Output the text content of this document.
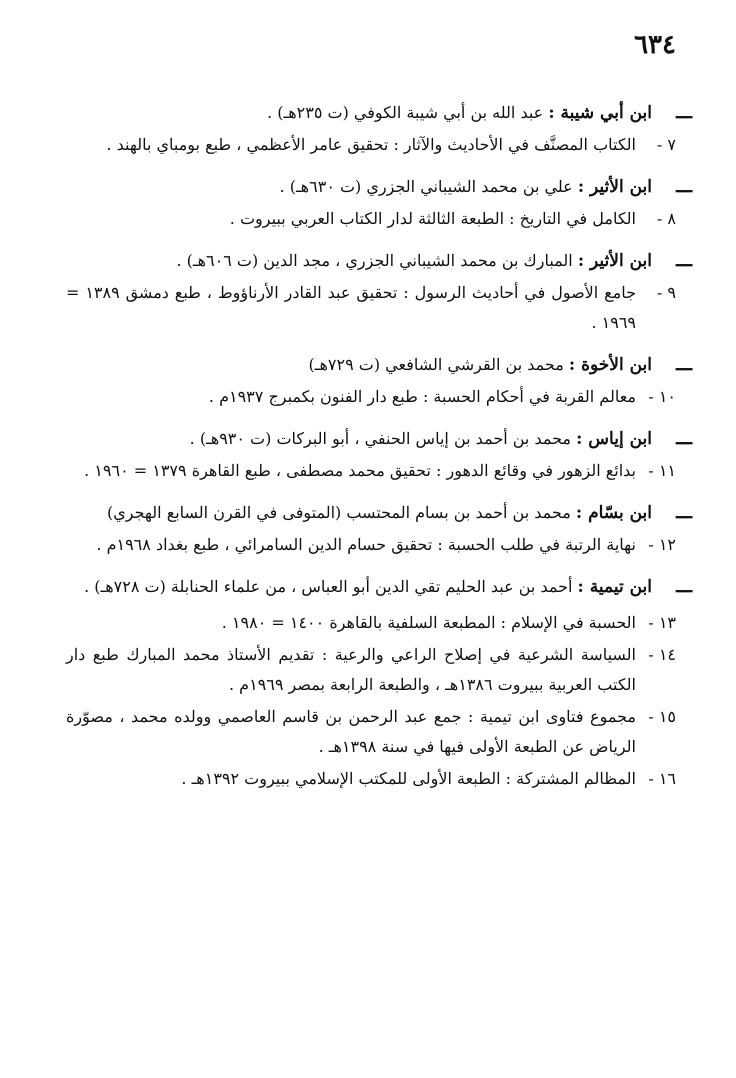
٦٣٤
ـــ
ابن أبي شيبة : عبد الله بن أبي شيبة الكوفي (ت ٢٣٥هـ) .
٧ -
الكتاب المصنَّف في الأحاديث والآثار : تحقيق عامر الأعظمي ، طبع بومباي بالهند .
ـــ
ابن الأثير : علي بن محمد الشيباني الجزري (ت ٦٣٠هـ) .
٨ -
الكامل في التاريخ : الطبعة الثالثة لدار الكتاب العربي ببيروت .
ـــ
ابن الأثير : المبارك بن محمد الشيباني الجزري ، مجد الدين (ت ٦٠٦هـ) .
٩ -
جامع الأصول في أحاديث الرسول : تحقيق عبد القادر الأرناؤوط ، طبع دمشق ١٣٨٩ = ١٩٦٩ .
ـــ
ابن الأخوة : محمد بن القرشي الشافعي (ت ٧٢٩هـ)
١٠ -
معالم القربة في أحكام الحسبة : طبع دار الفنون بكمبرج ١٩٣٧م .
ـــ
ابن إياس : محمد بن أحمد بن إياس الحنفي ، أبو البركات (ت ٩٣٠هـ) .
١١ -
بدائع الزهور في وقائع الدهور : تحقيق محمد مصطفى ، طبع القاهرة ١٣٧٩ = ١٩٦٠ .
ـــ
ابن بسّام : محمد بن أحمد بن بسام المحتسب (المتوفى في القرن السابع الهجري)
١٢ -
نهاية الرتبة في طلب الحسبة : تحقيق حسام الدين السامرائي ، طبع بغداد ١٩٦٨م .
ـــ
ابن تيمية : أحمد بن عبد الحليم تقي الدين أبو العباس ، من علماء الحنابلة (ت ٧٢٨هـ) .
١٣ -
الحسبة في الإسلام : المطبعة السلفية بالقاهرة ١٤٠٠ = ١٩٨٠ .
١٤ -
السياسة الشرعية في إصلاح الراعي والرعية : تقديم الأستاذ محمد المبارك طبع دار الكتب العربية ببيروت ١٣٨٦هـ ، والطبعة الرابعة بمصر ١٩٦٩م .
١٥ -
مجموع فتاوى ابن تيمية : جمع عبد الرحمن بن قاسم العاصمي وولده محمد ، مصوّرة الرياض عن الطبعة الأولى فيها في سنة ١٣٩٨هـ .
١٦ -
المظالم المشتركة : الطبعة الأولى للمكتب الإسلامي ببيروت ١٣٩٢هـ .
